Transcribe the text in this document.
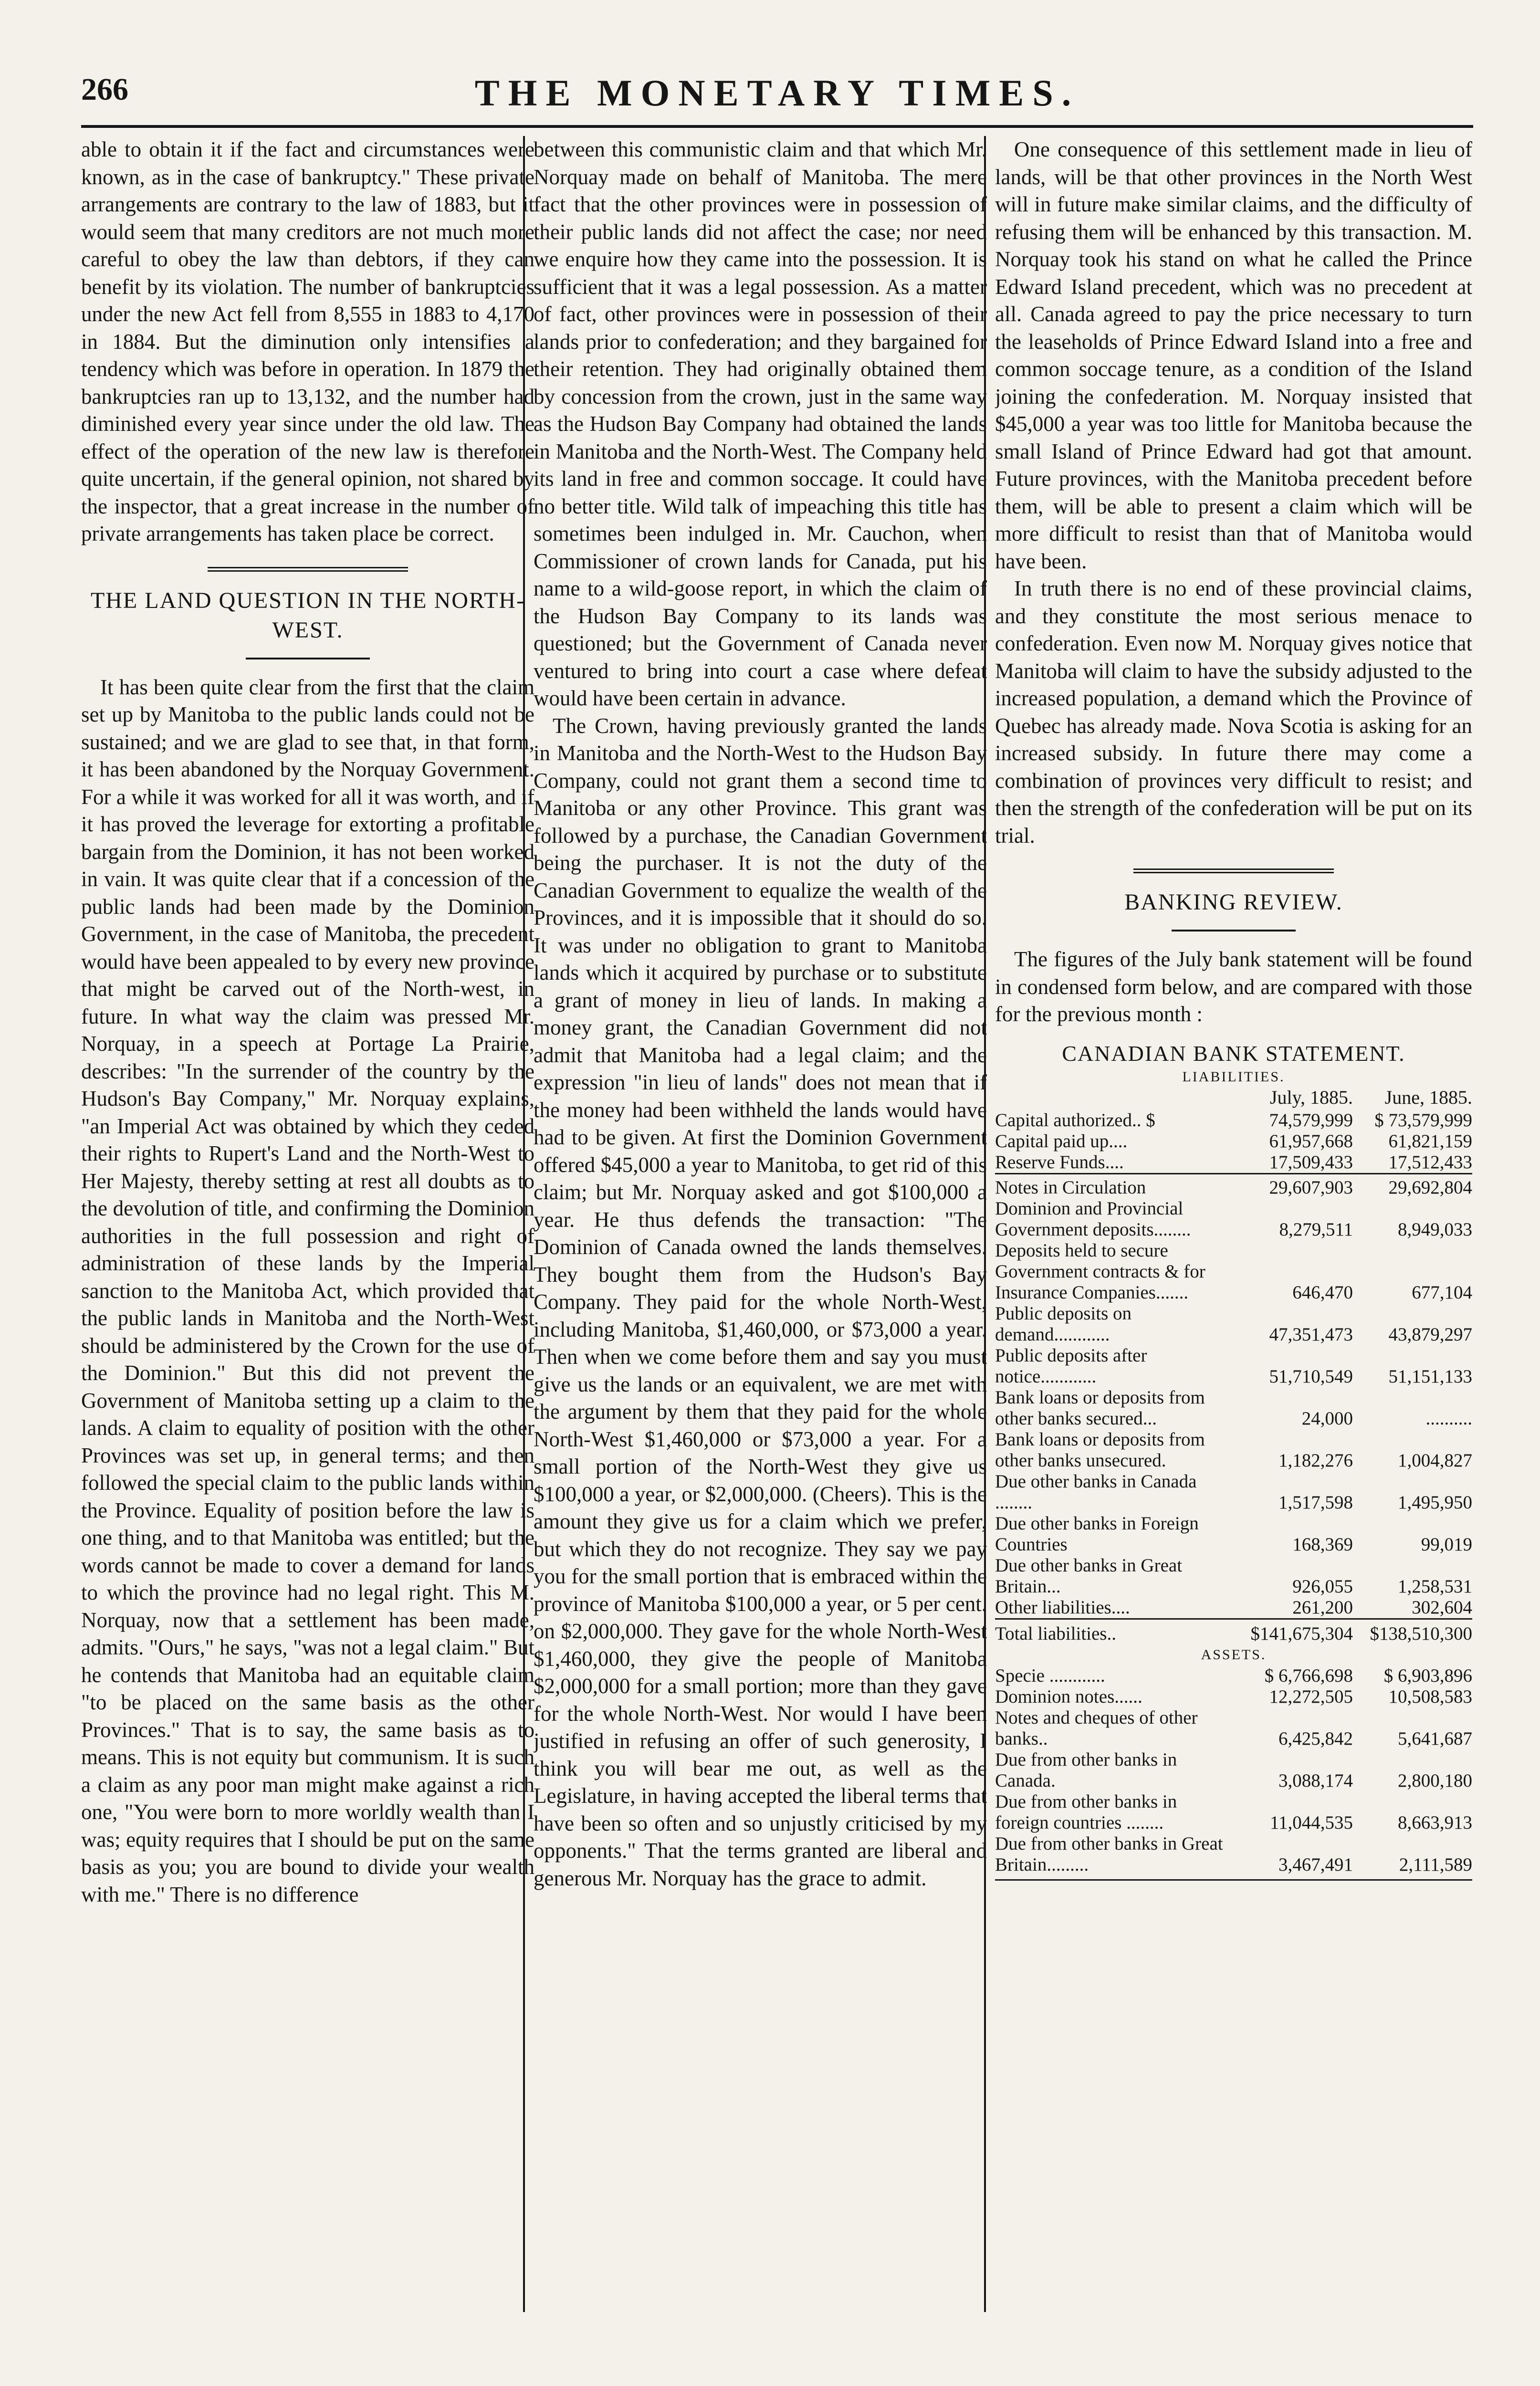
266	THE MONETARY TIMES.

able to obtain it if the fact and circumstances were known, as in the case of bankruptcy." These private arrangements are contrary to the law of 1883, but it would seem that many creditors are not much more careful to obey the law than debtors, if they can benefit by its violation. The number of bankruptcies under the new Act fell from 8,555 in 1883 to 4,170 in 1884. But the diminution only intensifies a tendency which was before in operation. In 1879 the bankruptcies ran up to 13,132, and the number had diminished every year since under the old law. The effect of the operation of the new law is therefore quite uncertain, if the general opinion, not shared by the inspector, that a great increase in the number of private arrangements has taken place be correct.

THE LAND QUESTION IN THE NORTH-WEST.

It has been quite clear from the first that the claim set up by Manitoba to the public lands could not be sustained; and we are glad to see that, in that form, it has been abandoned by the Norquay Government. For a while it was worked for all it was worth, and if it has proved the leverage for extorting a profitable bargain from the Dominion, it has not been worked in vain. It was quite clear that if a concession of the public lands had been made by the Dominion Government, in the case of Manitoba, the precedent would have been appealed to by every new province that might be carved out of the North-west, in future. In what way the claim was pressed Mr. Norquay, in a speech at Portage La Prairie, describes: "In the surrender of the country by the Hudson's Bay Company," Mr. Norquay explains, "an Imperial Act was obtained by which they ceded their rights to Rupert's Land and the North-West to Her Majesty, thereby setting at rest all doubts as to the devolution of title, and confirming the Dominion authorities in the full possession and right of administration of these lands by the Imperial sanction to the Manitoba Act, which provided that the public lands in Manitoba and the North-West should be administered by the Crown for the use of the Dominion." But this did not prevent the Government of Manitoba setting up a claim to the lands. A claim to equality of position with the other Provinces was set up, in general terms; and then followed the special claim to the public lands within the Province. Equality of position before the law is one thing, and to that Manitoba was entitled; but the words cannot be made to cover a demand for lands to which the province had no legal right. This M. Norquay, now that a settlement has been made, admits. "Ours," he says, "was not a legal claim." But he contends that Manitoba had an equitable claim "to be placed on the same basis as the other Provinces." That is to say, the same basis as to means. This is not equity but communism. It is such a claim as any poor man might make against a rich one, "You were born to more worldly wealth than I was; equity requires that I should be put on the same basis as you; you are bound to divide your wealth with me." There is no difference

between this communistic claim and that which Mr. Norquay made on behalf of Manitoba. The mere fact that the other provinces were in possession of their public lands did not affect the case; nor need we enquire how they came into the possession. It is sufficient that it was a legal possession. As a matter of fact, other provinces were in possession of their lands prior to confederation; and they bargained for their retention. They had originally obtained them by concession from the crown, just in the same way as the Hudson Bay Company had obtained the lands in Manitoba and the North-West. The Company held its land in free and common soccage. It could have no better title. Wild talk of impeaching this title has sometimes been indulged in. Mr. Cauchon, when Commissioner of crown lands for Canada, put his name to a wild-goose report, in which the claim of the Hudson Bay Company to its lands was questioned; but the Government of Canada never ventured to bring into court a case where defeat would have been certain in advance.

The Crown, having previously granted the lands in Manitoba and the North-West to the Hudson Bay Company, could not grant them a second time to Manitoba or any other Province. This grant was followed by a purchase, the Canadian Government being the purchaser. It is not the duty of the Canadian Government to equalize the wealth of the Provinces, and it is impossible that it should do so. It was under no obligation to grant to Manitoba lands which it acquired by purchase or to substitute a grant of money in lieu of lands. In making a money grant, the Canadian Government did not admit that Manitoba had a legal claim; and the expression "in lieu of lands" does not mean that if the money had been withheld the lands would have had to be given. At first the Dominion Government offered $45,000 a year to Manitoba, to get rid of this claim; but Mr. Norquay asked and got $100,000 a year. He thus defends the transaction: "The Dominion of Canada owned the lands themselves. They bought them from the Hudson's Bay Company. They paid for the whole North-West, including Manitoba, $1,460,000, or $73,000 a year. Then when we come before them and say you must give us the lands or an equivalent, we are met with the argument by them that they paid for the whole North-West $1,460,000 or $73,000 a year. For a small portion of the North-West they give us $100,000 a year, or $2,000,000. (Cheers). This is the amount they give us for a claim which we prefer, but which they do not recognize. They say we pay you for the small portion that is embraced within the province of Manitoba $100,000 a year, or 5 per cent. on $2,000,000. They gave for the whole North-West $1,460,000, they give the people of Manitoba $2,000,000 for a small portion; more than they gave for the whole North-West. Nor would I have been justified in refusing an offer of such generosity, I think you will bear me out, as well as the Legislature, in having accepted the liberal terms that have been so often and so unjustly criticised by my opponents." That the terms granted are liberal and generous Mr. Norquay has the grace to admit.

One consequence of this settlement made in lieu of lands, will be that other provinces in the North West will in future make similar claims, and the difficulty of refusing them will be enhanced by this transaction. M. Norquay took his stand on what he called the Prince Edward Island precedent, which was no precedent at all. Canada agreed to pay the price necessary to turn the leaseholds of Prince Edward Island into a free and common soccage tenure, as a condition of the Island joining the confederation. M. Norquay insisted that $45,000 a year was too little for Manitoba because the small Island of Prince Edward had got that amount. Future provinces, with the Manitoba precedent before them, will be able to present a claim which will be more difficult to resist than that of Manitoba would have been.

In truth there is no end of these provincial claims, and they constitute the most serious menace to confederation. Even now M. Norquay gives notice that Manitoba will claim to have the subsidy adjusted to the increased population, a demand which the Province of Quebec has already made. Nova Scotia is asking for an increased subsidy. In future there may come a combination of provinces very difficult to resist; and then the strength of the confederation will be put on its trial.

BANKING REVIEW.

The figures of the July bank statement will be found in condensed form below, and are compared with those for the previous month :

CANADIAN BANK STATEMENT.
LIABILITIES.
	July, 1885.	June, 1885.
Capital authorized.. $	74,579,999	$ 73,579,999
Capital paid up....	61,957,668	61,821,159
Reserve Funds....	17,509,433	17,512,433
Notes in Circulation	29,607,903	29,692,804
Dominion and Provincial Government deposits........	8,279,511	8,949,033
Deposits held to secure Government contracts & for Insurance Companies.......	646,470	677,104
Public deposits on demand............	47,351,473	43,879,297
Public deposits after notice............	51,710,549	51,151,133
Bank loans or deposits from other banks secured...	24,000	..........
Bank loans or deposits from other banks unsecured.	1,182,276	1,004,827
Due other banks in Canada ........	1,517,598	1,495,950
Due other banks in Foreign Countries	168,369	99,019
Due other banks in Great Britain...	926,055	1,258,531
Other liabilities....	261,200	302,604
Total liabilities..	$141,675,304	$138,510,300
ASSETS.		
Specie ............	$ 6,766,698	$ 6,903,896
Dominion notes......	12,272,505	10,508,583
Notes and cheques of other banks..	6,425,842	5,641,687
Due from other banks in Canada.	3,088,174	2,800,180
Due from other banks in foreign countries ........	11,044,535	8,663,913
Due from other banks in Great Britain.........	3,467,491	2,111,589
